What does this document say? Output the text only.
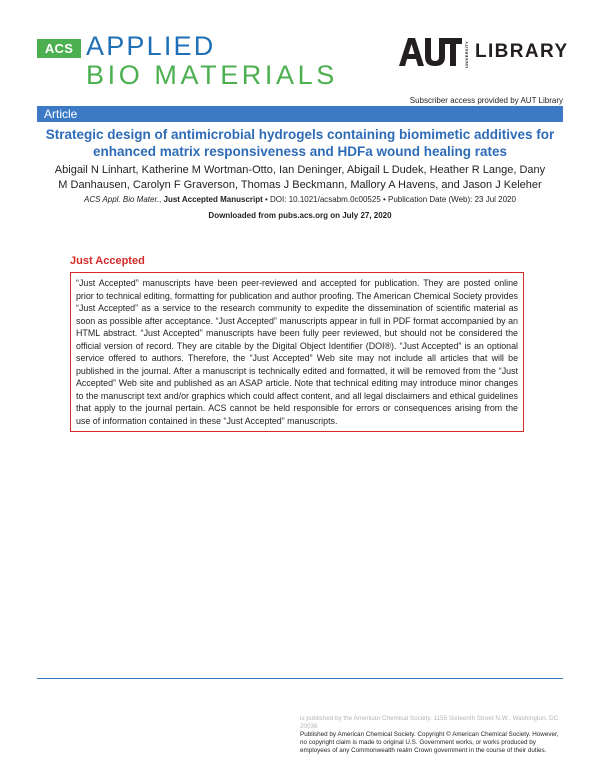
ACS APPLIED
BIO MATERIALS
UNIVERSITY LIBRARY
Subscriber access provided by AUT Library
Article
Strategic design of antimicrobial hydrogels containing biomimetic additives for enhanced matrix responsiveness and HDFa wound healing rates
Abigail N Linhart, Katherine M Wortman-Otto, Ian Deninger, Abigail L Dudek, Heather R Lange, Dany M Danhausen, Carolyn F Graverson, Thomas J Beckmann, Mallory A Havens, and Jason J Keleher
ACS Appl. Bio Mater., Just Accepted Manuscript • DOI: 10.1021/acsabm.0c00525 • Publication Date (Web): 23 Jul 2020
Downloaded from pubs.acs.org on July 27, 2020
Just Accepted
“Just Accepted” manuscripts have been peer-reviewed and accepted for publication. They are posted online prior to technical editing, formatting for publication and author proofing. The American Chemical Society provides “Just Accepted” as a service to the research community to expedite the dissemination of scientific material as soon as possible after acceptance. “Just Accepted” manuscripts appear in full in PDF format accompanied by an HTML abstract. “Just Accepted” manuscripts have been fully peer reviewed, but should not be considered the official version of record. They are citable by the Digital Object Identifier (DOI®). “Just Accepted” is an optional service offered to authors. Therefore, the “Just Accepted” Web site may not include all articles that will be published in the journal. After a manuscript is technically edited and formatted, it will be removed from the “Just Accepted” Web site and published as an ASAP article. Note that technical editing may introduce minor changes to the manuscript text and/or graphics which could affect content, and all legal disclaimers and ethical guidelines that apply to the journal pertain. ACS cannot be held responsible for errors or consequences arising from the use of information contained in these “Just Accepted” manuscripts.
is published by the American Chemical Society. 1155 Sixteenth Street N.W., Washington, DC 20036
Published by American Chemical Society. Copyright © American Chemical Society. However, no copyright claim is made to original U.S. Government works, or works produced by employees of any Commonwealth realm Crown government in the course of their duties.
